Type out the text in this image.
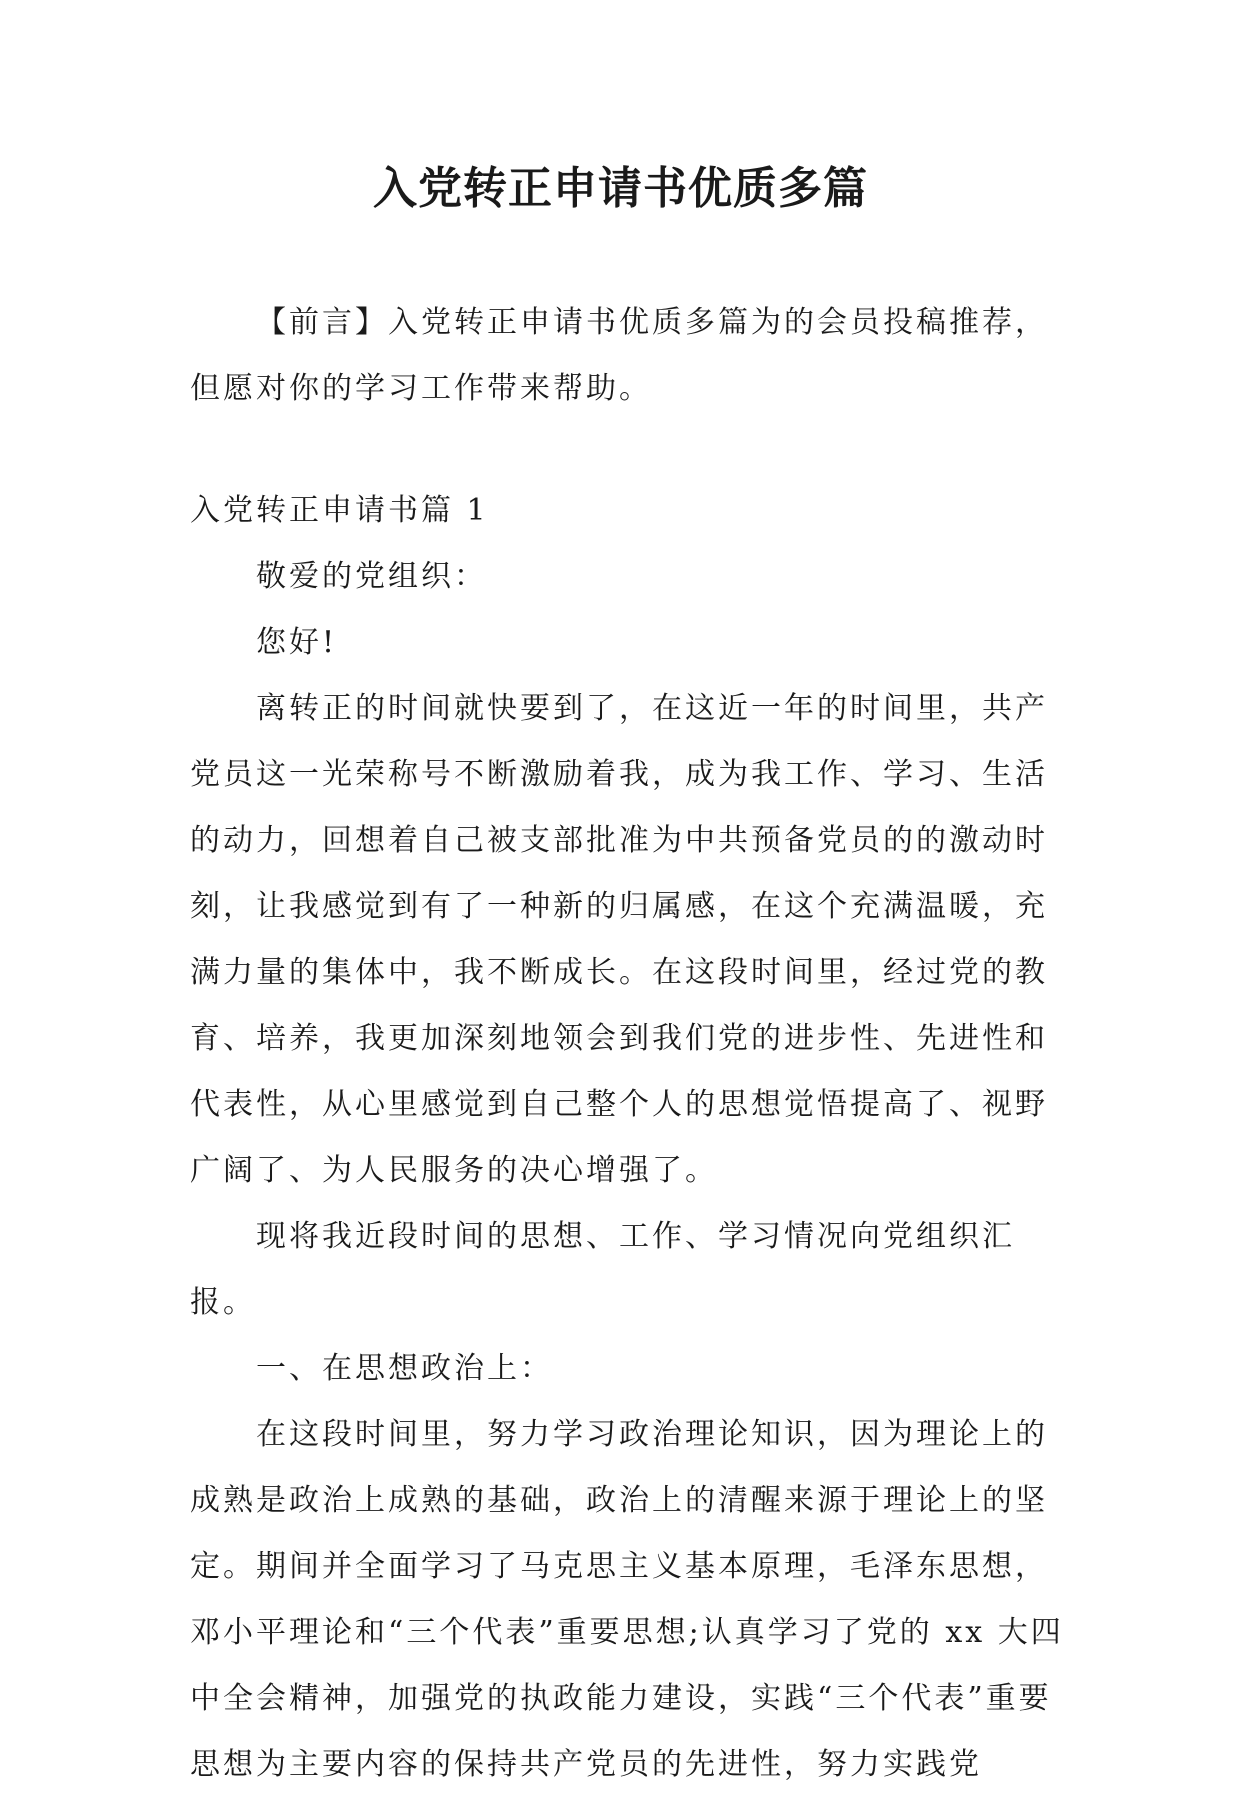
入党转正申请书优质多篇

【前言】入党转正申请书优质多篇为的会员投稿推荐，但愿对你的学习工作带来帮助。

入党转正申请书篇 1

敬爱的党组织：

您好!

离转正的时间就快要到了，在这近一年的时间里，共产党员这一光荣称号不断激励着我，成为我工作、学习、生活的动力，回想着自己被支部批准为中共预备党员的的激动时刻，让我感觉到有了一种新的归属感，在这个充满温暖，充满力量的集体中，我不断成长。在这段时间里，经过党的教育、培养，我更加深刻地领会到我们党的进步性、先进性和代表性，从心里感觉到自己整个人的思想觉悟提高了、视野广阔了、为人民服务的决心增强了。

现将我近段时间的思想、工作、学习情况向党组织汇报。

一、在思想政治上：

在这段时间里，努力学习政治理论知识，因为理论上的成熟是政治上成熟的基础，政治上的清醒来源于理论上的坚定。期间并全面学习了马克思主义基本原理，毛泽东思想，邓小平理论和“三个代表”重要思想;认真学习了党的 xx 大四中全会精神，加强党的执政能力建设，实践“三个代表”重要思想为主要内容的保持共产党员的先进性，努力实践党
